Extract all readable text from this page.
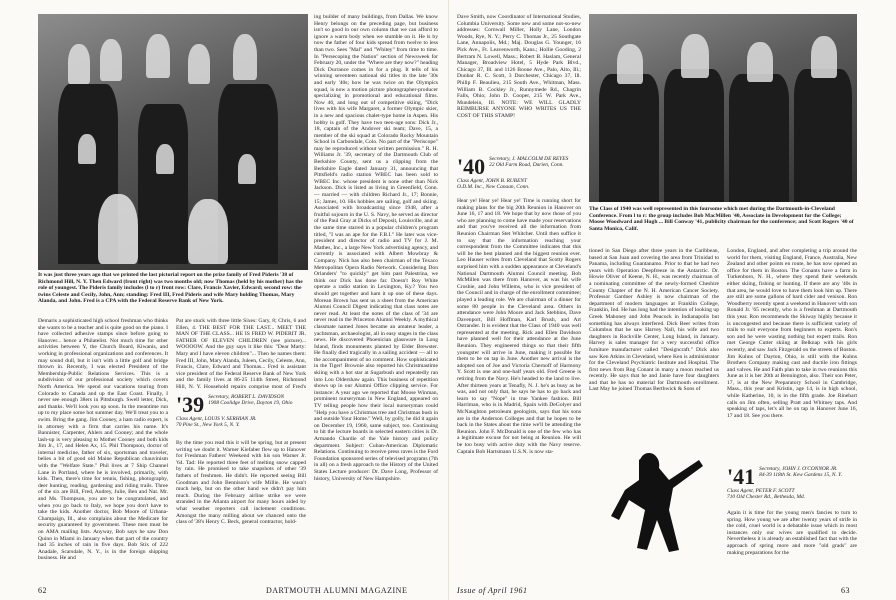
It was just three years ago that we printed the last pictorial report on the prize family of Fred Pideris '38 of Richmond Hill, N. Y. Then Edward (front right) was two months old; now Thomas (held by his mother) has the role of youngest. The Pideris family includes (l to r) front row: Clare, Francis Xavier, Edward; second row: the twins Celeste and Cecily, John, Ann; standing: Fred III, Fred Pideris and wife Mary holding Thomas, Mary Alanda, and John. Fred is a CPA with the Federal Reserve Bank of New York.
Demaris a sophisticated high school freshman who thinks she wants to be a teacher and is quite good on the piano. I have collected adhesive stamps since before going to Hanover... hence a Philatelist. Not much time for other activities between Y, the Church Board, Kiwanis, and working in professional organizations and conferences. It may sound dull, but it isn't with a little golf and bridge thrown in. Recently, I was elected President of the Membership-Public Relations Services. This is a subdivision of our professional society which covers North America. We spend our vacations touring from Colorado to Canada and up the East Coast. Finally, I never see enough 38ers in Pittsburgh. Swell letter, Dick, and thanks. We'll look you up soon. In the meantime run up to my place some hot summer day. We'll treat you to a swim. Bring the gang. Jim Cooney, a ham radio expert, is in attorney with a firm that carries his name. It's Bannister, Carpenter, Ahlers and Cooney; and the whole lash-up is very pleasing to Mother Cooney and both kids Jim Jr., 17, and Helen Ax, 15. Phil Thompson, doctor of internal medicine, father of six, sportsman and traveler, belies a bit of good old Maine Republican chauvinism with the "Welfare State." Phil lives at 7 Ship Channel Lane in Portland, where he is involved, primarily, with kids. Then, there's time for tennis, fishing, photography, deer hunting, reading, gardening and riding trails. Three of the six are Bill, Fred, Audrey, Julie, Ben and Nat. Mr. and Ms. Thompson, you are to be congratulated, and when you go back to Italy, we hope you don't have to take the kids. Another doctor, Bob Moore of Urbana-Champaign, Ill., also complains about the Medicare for security guaranteed by government. These men must be on AMA mailing lists. Anyway, Bob says he saw Don Quinn in Miami in January when that part of the country had 35 inches of rain in five days. Bob Stix of 222 Anadale, Scarsdale, N. Y., is in the foreign shipping business. He and
Pat are stuck with three little Sixes: Gary, 8; Chris, 6 and Ellen, 4. THE BEST FOR THE LAST... MEET THE MAN OF THE CLASS... HE IS FRED W. PIDERIT JR. FATHER OF ELEVEN CHILDREN (see picture)... WOOOOW. And the guy says it like this: "Dear Marty: Mary and I have eleven children"... Then he names them: Fred III, John, Mary Alanda, Juleen, Cecily, Celeste, Ann, Francis, Clare, Edward and Thomas... Fred is assistant vice president of the Federal Reserve Bank of New York and the family lives at 86-25 114th Street, Richmond Hill, N. Y. Household repairs comprise most of Fred's
'39 Secretary, ROBERT L. DAVIDSON
1908 Coolidge Drive, Dayton 19, Ohio
Class Agent, LOUIS V. SERHIAN JR.
70 Pine St., New York 5, N. Y.
By the time you read this it will be spring, but at present writing we doubt it. Warner Kiefaber flew up to Hanover for Freshman Fathers' Weekend with his son Warner Jr. '64. Tad: He reported three feet of melting snow capped by rain. He promised to take snapshots of other '39 fathers of freshmen. He didn't. He reported seeing Bill Goodman and John Bennison's wife Millie. He wasn't much help, but on the other hand we didn't pay him much. During the February airline strike we were stranded in the Atlanta airport for many hours aided by what weather reporters call inclement conditions. Amongst the many milling about we chanced onto the class of '38's Henry C. Beck, general contractor, hold-
ing builder of many buildings, from Dallas. We know Henry belongs on the preceding page, but business isn't so good in our own column that we can afford to ignore a warm body when we stumble on it. He is by now the father of four kids spread from twelve to less than two. Sees "Mal" and "Whitey" from time to time. In "Persecoping the Nation" section of Newsweek for February 20, under the "Where are they now?" heading Dick Durrance comes in for a plug. It tells of his winning seventeen national ski titles in the late '30s and early '40s; how he was twice on the Olympics squad, is now a motion picture photographer-producer specializing in promotional and educational films. Now 46, and long out of competitive skiing, "Dick lives with his wife Margaret, a former Olympic skier, in a new and spacious chalet-type home in Aspen. His hobby is golf. They have two teen-age sons: Dick Jr., 18, captain of the Andover ski team; Dave, 15, a member of the ski squad at Colorado Rocky Mountain School in Carbondale, Colo. No part of the "Periscope" may be reproduced without written permission." R. H. Williams Jr. '39, secretary of the Dartmouth Club of Berkshire County, sent us a clipping from the Berkshire Eagle dated January 31, announcing that Pittsfield's radio station WBEC has been sold to WBEC Inc. whose president is none other than Nick Jackson. Dick is listed as living in Greenfield, Conn. — married — with children Richard Jr., 17; Bonnie, 15; James, 10. His hobbies are sailing, golf and skiing. Associated with broadcasting since 1948, after a fruitful sojourn in the U. S. Navy, he served as director of the Paul Gray at Dicks of Deposit, Louisville, and at the same time starred in a popular children's program titled, "I was an ape for the F.B.I." He later was vice-president and director of radio and TV for J. M. Mathes, Inc., a large New York advertising agency, and currently is associated with Albert Mowbray & Company. Nick has also been chairman of the Texaco Metropolitan Opera Radio Network. Considering Don Orlanders' "to quickly" get him past Palestrina, we think our Dick has done far. Doesn't Roy White operate a radio station in Lexington, Ky.? You two should get together and ham it up one of these days. Morean Brown has sent us a sheet from the American Alumni Council Digest indicating that class notes are never read. At least the notes of the class of '34 are never read in the Princeton Alumni Weekly. A mythical classmate named Jones became an amateur leader, a yachtsman, archaeologist, all in easy stages in the class news. He discovered Phoenician glassware in Long Island, finds monuments planted by Elder Brewster. He finally died tragically in a sailing accident — all to the accompaniment of no comment. How sophisticated in the Tiger! Brownie also reported his Christmastime skiing with a hot star at Sugarbush and repeatedly ran into Lou Oldershaw again. This business of repetition shows up in our Alumni Office clipping service. For instance: A year ago we reported that Moose Winman, prominent nurseryman in New England, appeared on TV telling people how their local nurseryman could "Help you have a Christmas tree and Christmas bush in and outside Your Home." Well, by golly, he did it again on December 19, 1960, same subject, too. Continuing to hit the lecture boards in selected eastern cities is Dr. Armando Chardie of the Yale history and policy department. Subject: Cuban-American Diplomatic Relations. Continuing to receive press raves is the Ford Foundation sponsored series of televised programs (7th in all) on a fresh approach to the History of the United States Lecture producer: Dr. Dave Long, Professor of history, University of New Hampshire.
62	DARTMOUTH ALUMNI MAGAZINE
Dave Smith, now Coordinator of International Studies, Columbia University. Some new and some not-so-new addresses: Cornwall Miller, Holly Lane, London Woods, Rye, N. Y.; Perry C. Thomas Jr., 25 Southgate Lane, Annapolis, Md.; Maj. Douglas G. Younger, 16 Pick Ave., Ft. Leavenworth, Kans.; Hollie Gooding, 2 Bertram N. Lowell, Mass.; Robert B. Haslam, General Manager, Broadview Hotel, 5 Hyde Park Blvd., Chicago 37, Ill. and 1126 Boone Ave., Palo, Alto, Ill.; Dunbar R. C. Scott, 3 Dorchester, Chicago 37, Ill. Philip F. Beaulieu, 215 South Ave., Whitman, Mass. William B. Cockley Jr., Runnymede Rd., Chagrin Falls, Ohio; John D. Cooper, 215 W. Park Ave., Mundelein, Ill. NOTE: WE WILL GLADLY REIMBURSE ANYONE WHO WRITES US THE COST OF THIS STAMP!
'40 Secretary, J. MALCOLM DE REYES
22 Old Farm Road, Darien, Conn.
Class Agent, JOHN B. RUBENT
O.D.M. Inc., New Canaan, Conn.
Hear ye! Hear ye! Hear ye! Time is running short for making plans for the big 20th Reunion in Hanover on June 16, 17 and 18. We hope that by now those of you who are planning to come have made your reservations and that you've received all the information from Reunion Chairman Stet Whitcher. Until then suffice it to say that the information reaching your correspondent from the Committee indicates that this will be the best planned and the biggest reunion ever. Leo Hauser writes from Cleveland that Scotty Rogers surprised him with a sudden appearance at Cleveland's National Dartmouth Alumni Council meeting. Bob McMillen was there from Hanover, as was his wife Crosbie, and John Willems, who is vice president of the Council and in charge of the enrollment committee; played a leading role. We are chairman of a dinner for some 80 people in the Cleveland area. Others in attendance were John Moore and Jack Stebbins, Dave Davenport, Bill Hoffman, Karl Brush, and Art Ostrander. It is evident that the Class of 1940 was well represented at the meeting. Rick and Ellen Davidson have planned well for their attendance at the June Reunion. They engineered things so that their fifth youngster will arrive in June, making it possible for them to be on tap in June. Another new arrival is the adopted son of Joe and Victoria Chernoff of Harmony Y. Scott is one and one-half years old. Fred Greene is retiring from the Navy. He's headed to the land to live. After thirteen years at Tenafly, N. J. he's as busy as he was, and not only that, he says he has to go back and learn to say "Nope" in true Yankee fashion. Bill Harriman, who is in Madrid, Spain with DeGolyer and McNaughton petroleum geologists, says that his sons are in the Anderson Colleges and that he hopes to be back in the States about the time we'll be attending the Reunion. John F. McDonald is one of the few who has a legitimate excuse for not being at Reunion. He will be too busy with active duty with the Navy reserve. Captain Bob Hartsmann U.S.N. is now sta-
The Class of 1940 was well represented in this foursome which met during the Dartmouth-in-Cleveland Conference. From l to r: the group includes Bob MacMillen '40, Associate in Development for the College; Moose Woodward and Hugh ... Bill Conway '41, publicity chairman for the conference; and Scott Rogers '40 of Santa Monica, Calif.
tioned in San Diego after three years in the Caribbean, based at San Juan and covering the area from Trinidad to Panama, including Guantanamo. Prior to that he had two years with Operation Deepfreeze in the Antarctic. Dr. Howie Oliver of Keene, N. H., was recently chairman of a nominating committee of the newly-formed Cheshire County Chapter of the N. H. American Cancer Society. Professor Gardner Ashley is now chairman of the department of modern languages at Franklin College, Franklin, Ind. He has long had the intention of looking up Greek Mahoney and John Peacock in Indianapolis but something has always interfered. Dick Beer writes from Columbus that he saw Harvey Nall, his wife and two daughters in Rockville Center, Long Island, in January. Harvey is sales manager for a very successful office furniture manufacturer called "Designcraft." Dick also saw Ken Atkins in Cleveland, where Ken is administrator for the Cleveland Psychiatric Institute and Hospital. The first news from Rog Conant in many a moon reached us recently. He says that he and Janie have four daughters and that he has no material for Dartmouth enrollment. Last May he joined Thomas Berthwick & Sons of
London, England, and after completing a trip around the world for them, visiting England, France, Australia, New Zealand and other points en route, he has now opened an office for them in Boston. The Conants have a farm in Turkenboro, N. H., where they spend their weekends either skiing, fishing or hunting. If there are any '40s in that area, he would love to have them look him up. There are still are some gallons of hard cider and venison. Ron Woodberry recently spent a weekend in Hanover with son Ronald Jr. '65 recently, who is a freshman at Dartmouth this year. Ron recommends the Skiway highly because it is uncongested and because there is sufficient variety of trails to suit everyone from beginners to experts. Ron's son and he were wasting nothing but expert trails. Ron met George Cutter skiing at Belknap with his girls recently, and saw Jack Fitzgerald on the streets of Boston. Jim Kuhns of Dayton, Ohio, is still with the Kuhns Brothers Company making cast and ductile iron fittings and valves. He and Faith plan to take in two reunions this June as it is her 20th at Bennington, also. Their son Peter, 17, is at the New Preparatory School in Cambridge, Mass., this year and Kristin, age 14, is in high school, while Katherine, 10, is in the fifth grade. Joe Rinehart calls on Jim often, selling Pratt and Whitney taps. And speaking of taps, let's all be on tap in Hanover June 16, 17 and 18. See you there.
'41 Secretary, JOHN J. O'CONNOR JR.
84-39 118th St. Kew Gardens 15, N. Y.
Class Agent, PETER F. SCOTT
710 Old Chester Rd., Bethesda, Md.
Again it is time for the young men's fancies to turn to spring. How young we are after twenty years of strife in the cold, cruel world is a debatable issue which in most instances only our wives are qualified to decide. Nevertheless it is already an established fact that with the approach of spring more and more "old grads" are making preparations for the
Issue of April 1961	63
